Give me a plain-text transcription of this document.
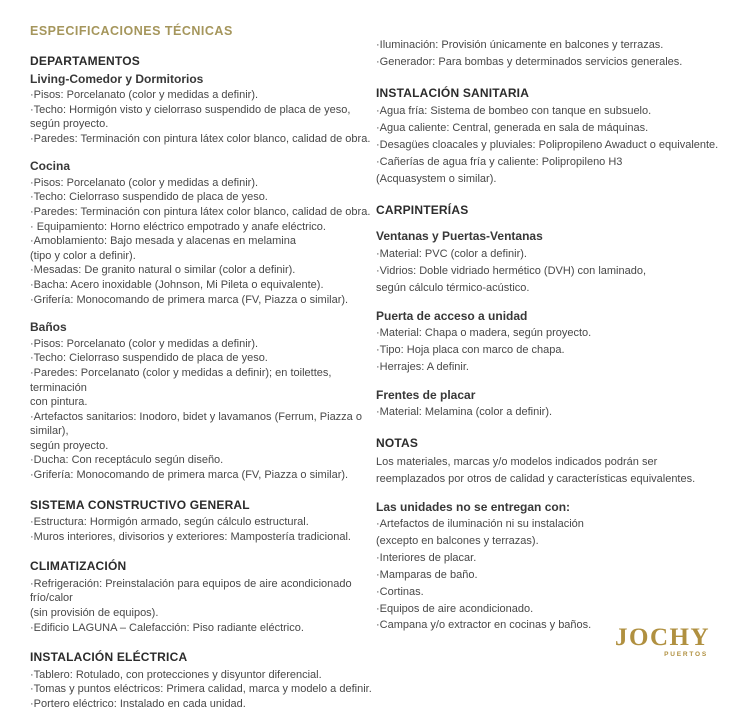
ESPECIFICACIONES TÉCNICAS
DEPARTAMENTOS
Living-Comedor y Dormitorios
·Pisos: Porcelanato (color y medidas a definir).
·Techo: Hormigón visto y cielorraso suspendido de placa de yeso,
según proyecto.
·Paredes: Terminación con pintura látex color blanco, calidad de obra.
Cocina
·Pisos: Porcelanato (color y medidas a definir).
·Techo: Cielorraso suspendido de placa de yeso.
·Paredes: Terminación con pintura látex color blanco, calidad de obra.
· Equipamiento: Horno eléctrico empotrado y anafe eléctrico.
·Amoblamiento: Bajo mesada y alacenas en melamina
(tipo y color a definir).
·Mesadas: De granito natural o similar (color a definir).
·Bacha: Acero inoxidable (Johnson, Mi Pileta o equivalente).
·Grifería: Monocomando de primera marca (FV, Piazza o similar).
Baños
·Pisos: Porcelanato (color y medidas a definir).
·Techo: Cielorraso suspendido de placa de yeso.
·Paredes: Porcelanato (color y medidas a definir); en toilettes, terminación
con pintura.
·Artefactos sanitarios: Inodoro, bidet y lavamanos (Ferrum, Piazza o similar),
según proyecto.
·Ducha: Con receptáculo según diseño.
·Grifería: Monocomando de primera marca (FV, Piazza o similar).
SISTEMA CONSTRUCTIVO GENERAL
·Estructura: Hormigón armado, según cálculo estructural.
·Muros interiores, divisorios y exteriores: Mampostería tradicional.
CLIMATIZACIÓN
·Refrigeración: Preinstalación para equipos de aire acondicionado frío/calor
(sin provisión de equipos).
·Edificio LAGUNA – Calefacción: Piso radiante eléctrico.
INSTALACIÓN ELÉCTRICA
·Tablero: Rotulado, con protecciones y disyuntor diferencial.
·Tomas y puntos eléctricos: Primera calidad, marca y modelo a definir.
·Portero eléctrico: Instalado en cada unidad.
·Iluminación: Provisión únicamente en balcones y terrazas.
·Generador: Para bombas y determinados servicios generales.
INSTALACIÓN SANITARIA
·Agua fría: Sistema de bombeo con tanque en subsuelo.
·Agua caliente: Central, generada en sala de máquinas.
·Desagües cloacales y pluviales: Polipropileno Awaduct o equivalente.
·Cañerías de agua fría y caliente: Polipropileno H3
(Acquasystem o similar).
CARPINTERÍAS
Ventanas y Puertas-Ventanas
·Material: PVC (color a definir).
·Vidrios: Doble vidriado hermético (DVH) con laminado,
según cálculo térmico-acústico.
Puerta de acceso a unidad
·Material: Chapa o madera, según proyecto.
·Tipo: Hoja placa con marco de chapa.
·Herrajes: A definir.
Frentes de placar
·Material: Melamina (color a definir).
NOTAS
Los materiales, marcas y/o modelos indicados podrán ser
reemplazados por otros de calidad y características equivalentes.
Las unidades no se entregan con:
·Artefactos de iluminación ni su instalación
(excepto en balcones y terrazas).
·Interiores de placar.
·Mamparas de baño.
·Cortinas.
·Equipos de aire acondicionado.
·Campana y/o extractor en cocinas y baños. JOCHY
PUERTOS
